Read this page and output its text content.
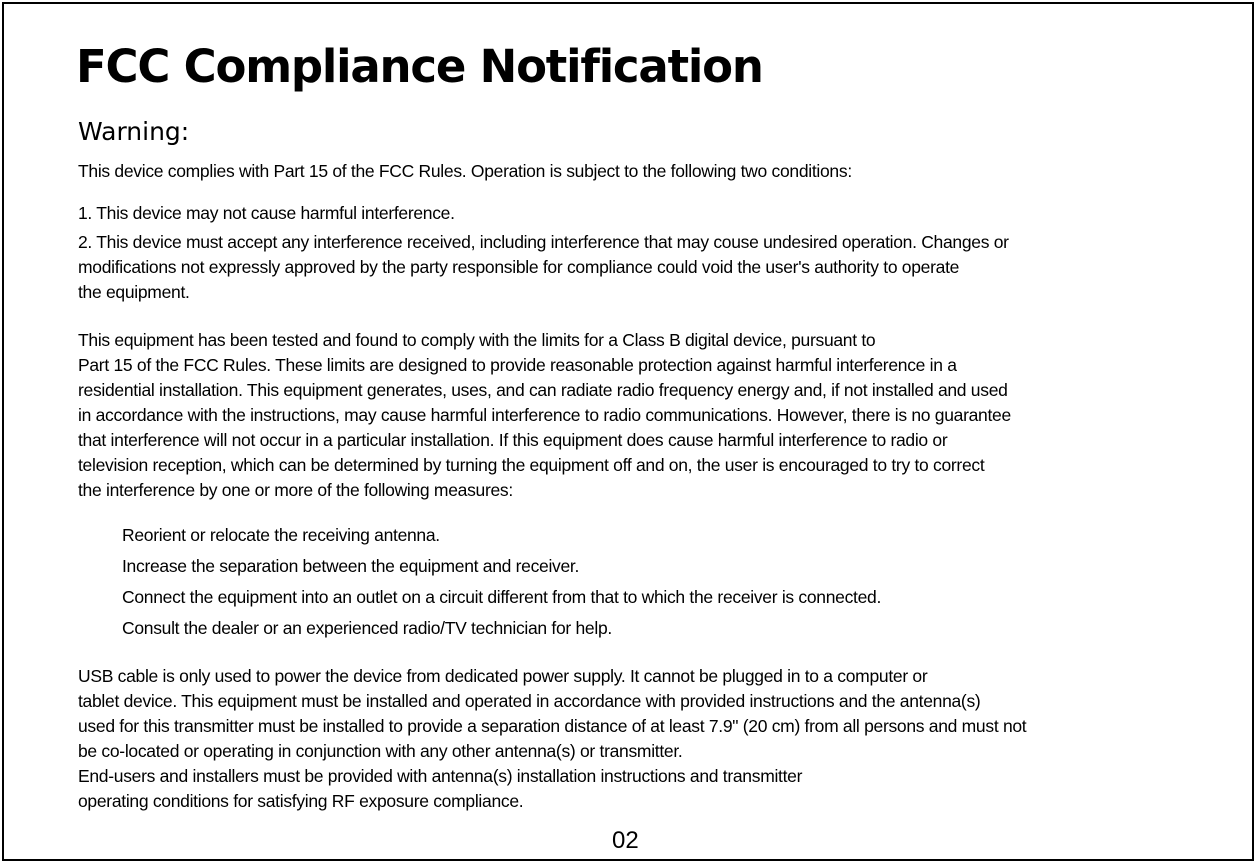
FCC Compliance Notification
Warning:

This device complies with Part 15 of the FCC Rules. Operation is subject to the following two conditions:

1. This device may not cause harmful interference.

2. This device must accept any interference received, including interference that may couse undesired operation. Changes or

modifications not expressly approved by the party responsible for compliance could void the user's authority to operate

the equipment.

This equipment has been tested and found to comply with the limits for a Class B digital device, pursuant to

Part 15 of the FCC Rules. These limits are designed to provide reasonable protection against harmful interference in a

residential installation. This equipment generates, uses, and can radiate radio frequency energy and, if not installed and used

in accordance with the instructions, may cause harmful interference to radio communications. However, there is no guarantee

that interference will not occur in a particular installation. If this equipment does cause harmful interference to radio or

television reception, which can be determined by turning the equipment off and on, the user is encouraged to try to correct

the interference by one or more of the following measures:

Reorient or relocate the receiving antenna.

Increase the separation between the equipment and receiver.

Connect the equipment into an outlet on a circuit different from that to which the receiver is connected.

Consult the dealer or an experienced radio/TV technician for help.

USB cable is only used to power the device from dedicated power supply. It cannot be plugged in to a computer or

tablet device. This equipment must be installed and operated in accordance with provided instructions and the antenna(s)

used for this transmitter must be installed to provide a separation distance of at least 7.9" (20 cm) from all persons and must not

be co-located or operating in conjunction with any other antenna(s) or transmitter.

End-users and installers must be provided with antenna(s) installation instructions and transmitter

operating conditions for satisfying RF exposure compliance.

02
